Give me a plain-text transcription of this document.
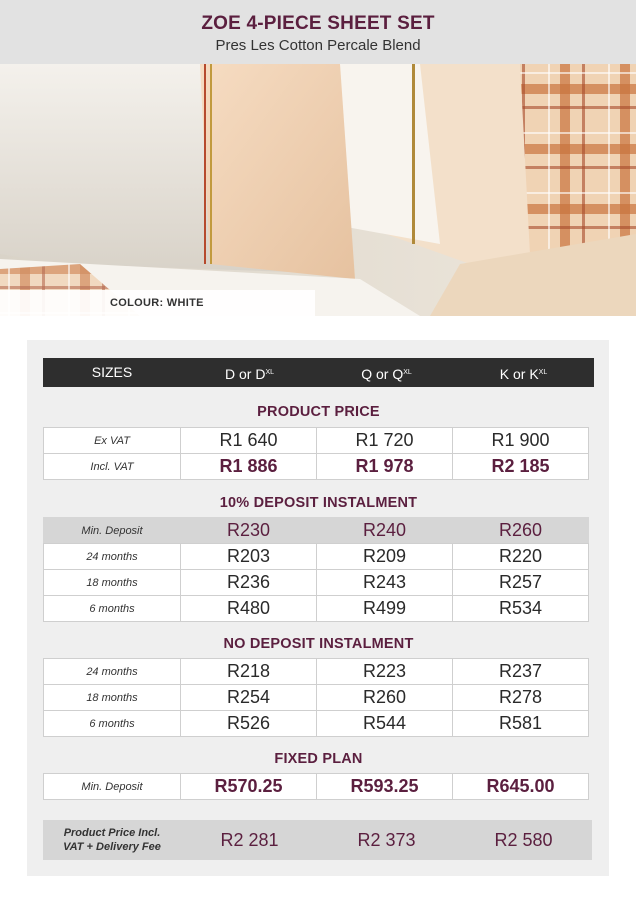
ZOE 4-PIECE SHEET SET
Pres Les Cotton Percale Blend
COLOUR: WHITE
SIZES	D or $D^{XL}$	Q or $Q^{XL}$	K or $K^{XL}$
PRODUCT PRICE
Ex VAT	R1 640	R1 720	R1 900
Incl. VAT	R1 886	R1 978	R2 185
10% DEPOSIT INSTALMENT
Min. Deposit	R230	R240	R260
24 months	R203	R209	R220
18 months	R236	R243	R257
6 months	R480	R499	R534
NO DEPOSIT INSTALMENT
24 months	R218	R223	R237
18 months	R254	R260	R278
6 months	R526	R544	R581
FIXED PLAN
Min. Deposit	R570.25	R593.25	R645.00
Product Price Incl.
VAT + Delivery Fee	R2 281	R2 373	R2 580
